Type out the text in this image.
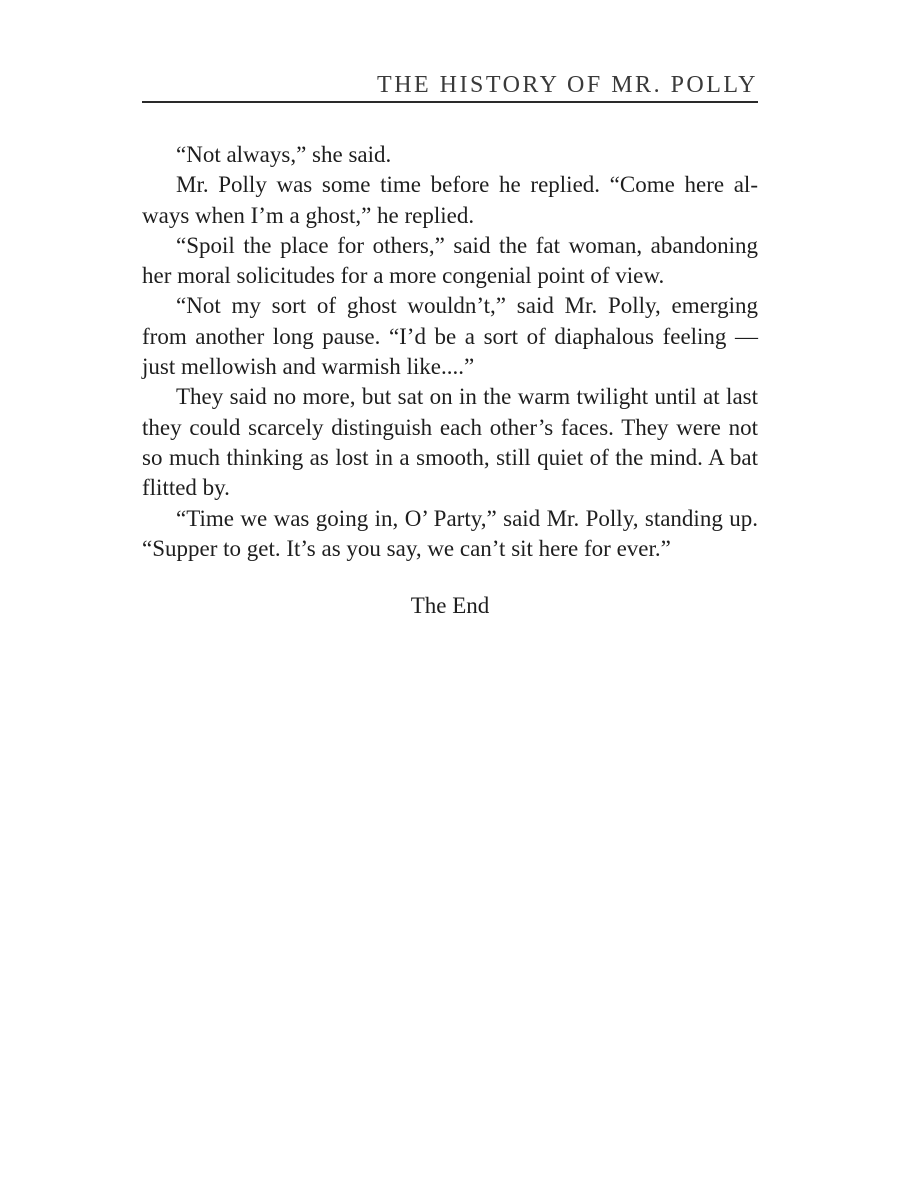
THE HISTORY OF MR. POLLY

“Not always,” she said.

Mr. Polly was some time before he replied. “Come here always when I’m a ghost,” he replied.

“Spoil the place for others,” said the fat woman, abandoning her moral solicitudes for a more congenial point of view.

“Not my sort of ghost wouldn’t,” said Mr. Polly, emerging from another long pause. “I’d be a sort of diaphalous feeling — just mellowish and warmish like....”

They said no more, but sat on in the warm twilight until at last they could scarcely distinguish each other’s faces. They were not so much thinking as lost in a smooth, still quiet of the mind. A bat flitted by.

“Time we was going in, O’ Party,” said Mr. Polly, standing up. “Supper to get. It’s as you say, we can’t sit here for ever.”

The End
